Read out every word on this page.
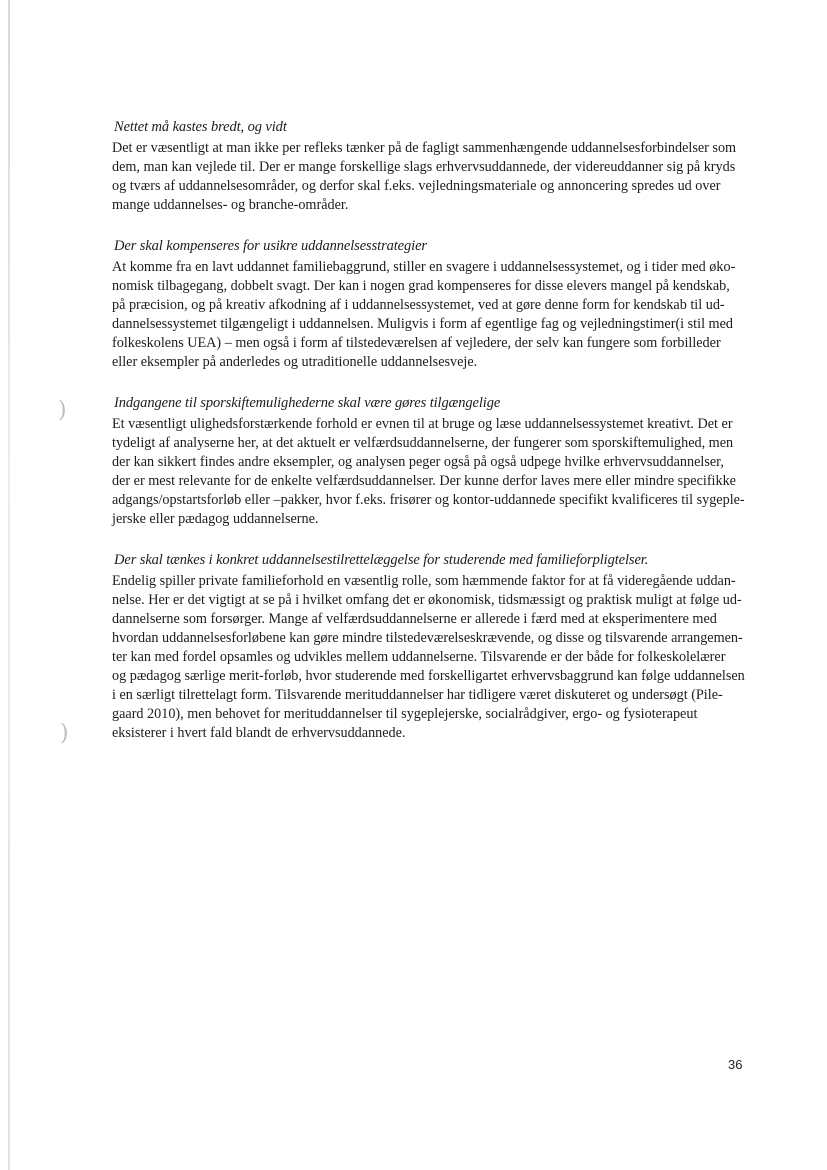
)
)
Nettet må kastes bredt, og vidt

Det er væsentligt at man ikke per refleks tænker på de fagligt sammenhængende uddannelsesforbindelser som
dem, man kan vejlede til. Der er mange forskellige slags erhvervsuddannede, der videreuddanner sig på kryds
og tværs af uddannelsesområder, og derfor skal f.eks. vejledningsmateriale og annoncering spredes ud over
mange uddannelses- og branche-områder.

Der skal kompenseres for usikre uddannelsesstrategier

At komme fra en lavt uddannet familiebaggrund, stiller en svagere i uddannelsessystemet, og i tider med øko-
nomisk tilbagegang, dobbelt svagt. Der kan i nogen grad kompenseres for disse elevers mangel på kendskab,
på præcision, og på kreativ afkodning af i uddannelsessystemet, ved at gøre denne form for kendskab til ud-
dannelsessystemet tilgængeligt i uddannelsen. Muligvis i form af egentlige fag og vejledningstimer(i stil med
folkeskolens UEA) – men også i form af tilstedeværelsen af vejledere, der selv kan fungere som forbilleder
eller eksempler på anderledes og utraditionelle uddannelsesveje.

Indgangene til sporskiftemulighederne skal være gøres tilgængelige

Et væsentligt ulighedsforstærkende forhold er evnen til at bruge og læse uddannelsessystemet kreativt. Det er
tydeligt af analyserne her, at det aktuelt er velfærdsuddannelserne, der fungerer som sporskiftemulighed, men
der kan sikkert findes andre eksempler, og analysen peger også på også udpege hvilke erhvervsuddannelser,
der er mest relevante for de enkelte velfærdsuddannelser. Der kunne derfor laves mere eller mindre specifikke
adgangs/opstartsforløb eller –pakker, hvor f.eks. frisører og kontor-uddannede specifikt kvalificeres til sygeple-
jerske eller pædagog uddannelserne.

Der skal tænkes i konkret uddannelsestilrettelæggelse for studerende med familieforpligtelser.

Endelig spiller private familieforhold en væsentlig rolle, som hæmmende faktor for at få videregående uddan-
nelse. Her er det vigtigt at se på i hvilket omfang det er økonomisk, tidsmæssigt og praktisk muligt at følge ud-
dannelserne som forsørger. Mange af velfærdsuddannelserne er allerede i færd med at eksperimentere med
hvordan uddannelsesforløbene kan gøre mindre tilstedeværelseskrævende, og disse og tilsvarende arrangemen-
ter kan med fordel opsamles og udvikles mellem uddannelserne. Tilsvarende er der både for folkeskolelærer
og pædagog særlige merit-forløb, hvor studerende med forskelligartet erhvervsbaggrund kan følge uddannelsen
i en særligt tilrettelagt form. Tilsvarende merituddannelser har tidligere været diskuteret og undersøgt (Pile-
gaard 2010), men behovet for merituddannelser til sygeplejerske, socialrådgiver, ergo- og fysioterapeut
eksisterer i hvert fald blandt de erhvervsuddannede.

36
